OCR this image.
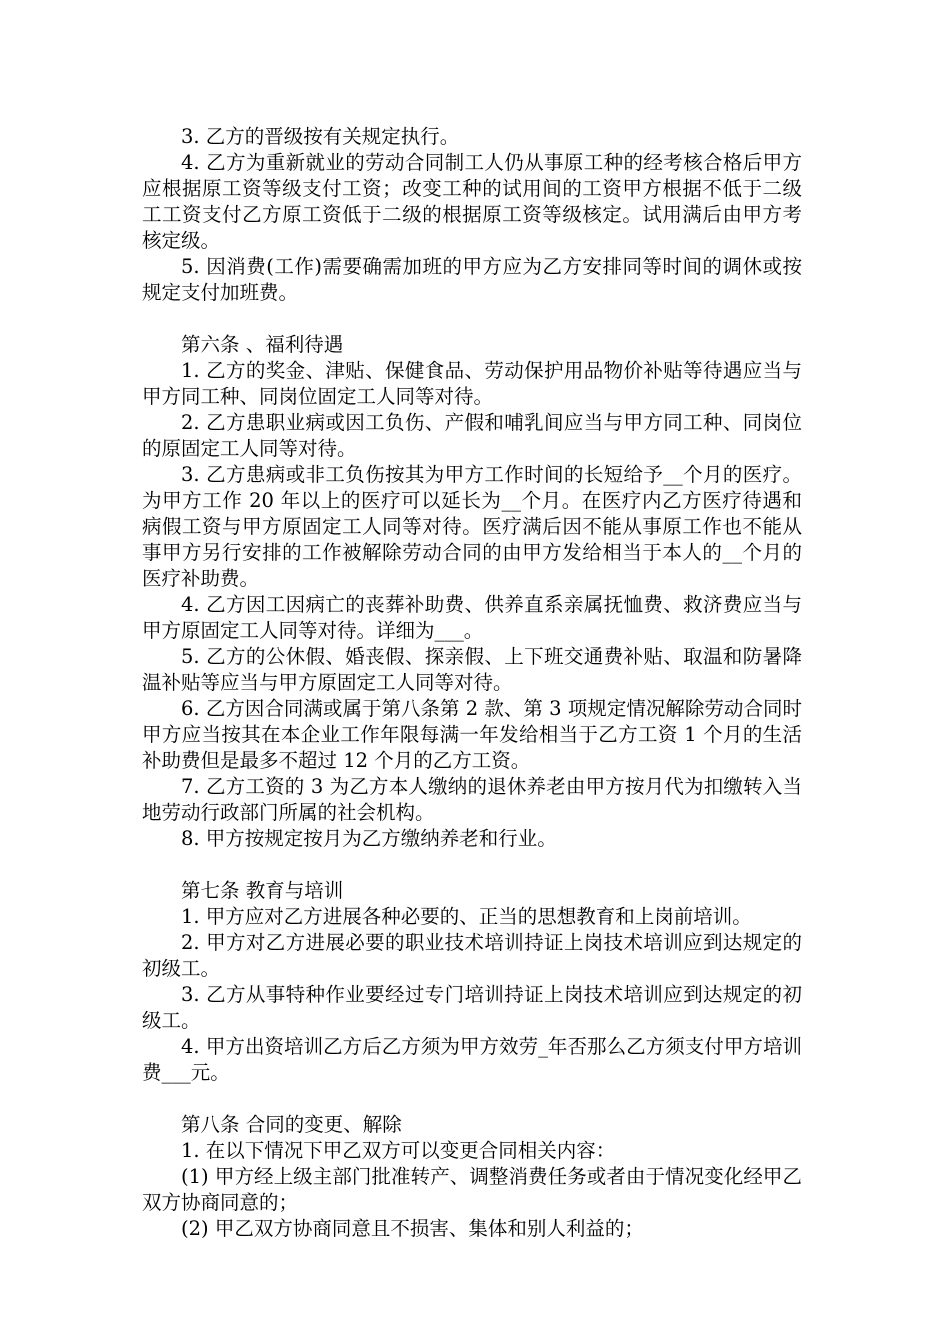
3. 乙方的晋级按有关规定执行。

4. 乙方为重新就业的劳动合同制工人仍从事原工种的经考核合格后甲方应根据原工资等级支付工资；改变工种的试用间的工资甲方根据不低于二级工工资支付乙方原工资低于二级的根据原工资等级核定。试用满后由甲方考核定级。

5. 因消费(工作)需要确需加班的甲方应为乙方安排同等时间的调休或按规定支付加班费。

第六条 、福利待遇

1. 乙方的奖金、津贴、保健食品、劳动保护用品物价补贴等待遇应当与甲方同工种、同岗位固定工人同等对待。

2. 乙方患职业病或因工负伤、产假和哺乳间应当与甲方同工种、同岗位的原固定工人同等对待。

3. 乙方患病或非工负伤按其为甲方工作时间的长短给予__个月的医疗。为甲方工作 20 年以上的医疗可以延长为__个月。在医疗内乙方医疗待遇和病假工资与甲方原固定工人同等对待。医疗满后因不能从事原工作也不能从事甲方另行安排的工作被解除劳动合同的由甲方发给相当于本人的__个月的医疗补助费。

4. 乙方因工因病亡的丧葬补助费、供养直系亲属抚恤费、救济费应当与甲方原固定工人同等对待。详细为___。

5. 乙方的公休假、婚丧假、探亲假、上下班交通费补贴、取温和防暑降温补贴等应当与甲方原固定工人同等对待。

6. 乙方因合同满或属于第八条第 2 款、第 3 项规定情况解除劳动合同时甲方应当按其在本企业工作年限每满一年发给相当于乙方工资 1 个月的生活补助费但是最多不超过 12 个月的乙方工资。

7. 乙方工资的 3 为乙方本人缴纳的退休养老由甲方按月代为扣缴转入当地劳动行政部门所属的社会机构。

8. 甲方按规定按月为乙方缴纳养老和行业。

第七条 教育与培训

1. 甲方应对乙方进展各种必要的、正当的思想教育和上岗前培训。

2. 甲方对乙方进展必要的职业技术培训持证上岗技术培训应到达规定的初级工。

3. 乙方从事特种作业要经过专门培训持证上岗技术培训应到达规定的初级工。

4. 甲方出资培训乙方后乙方须为甲方效劳_年否那么乙方须支付甲方培训费___元。

第八条 合同的变更、解除

1. 在以下情况下甲乙双方可以变更合同相关内容：

(1) 甲方经上级主部门批准转产、调整消费任务或者由于情况变化经甲乙双方协商同意的；

(2) 甲乙双方协商同意且不损害、集体和别人利益的；
